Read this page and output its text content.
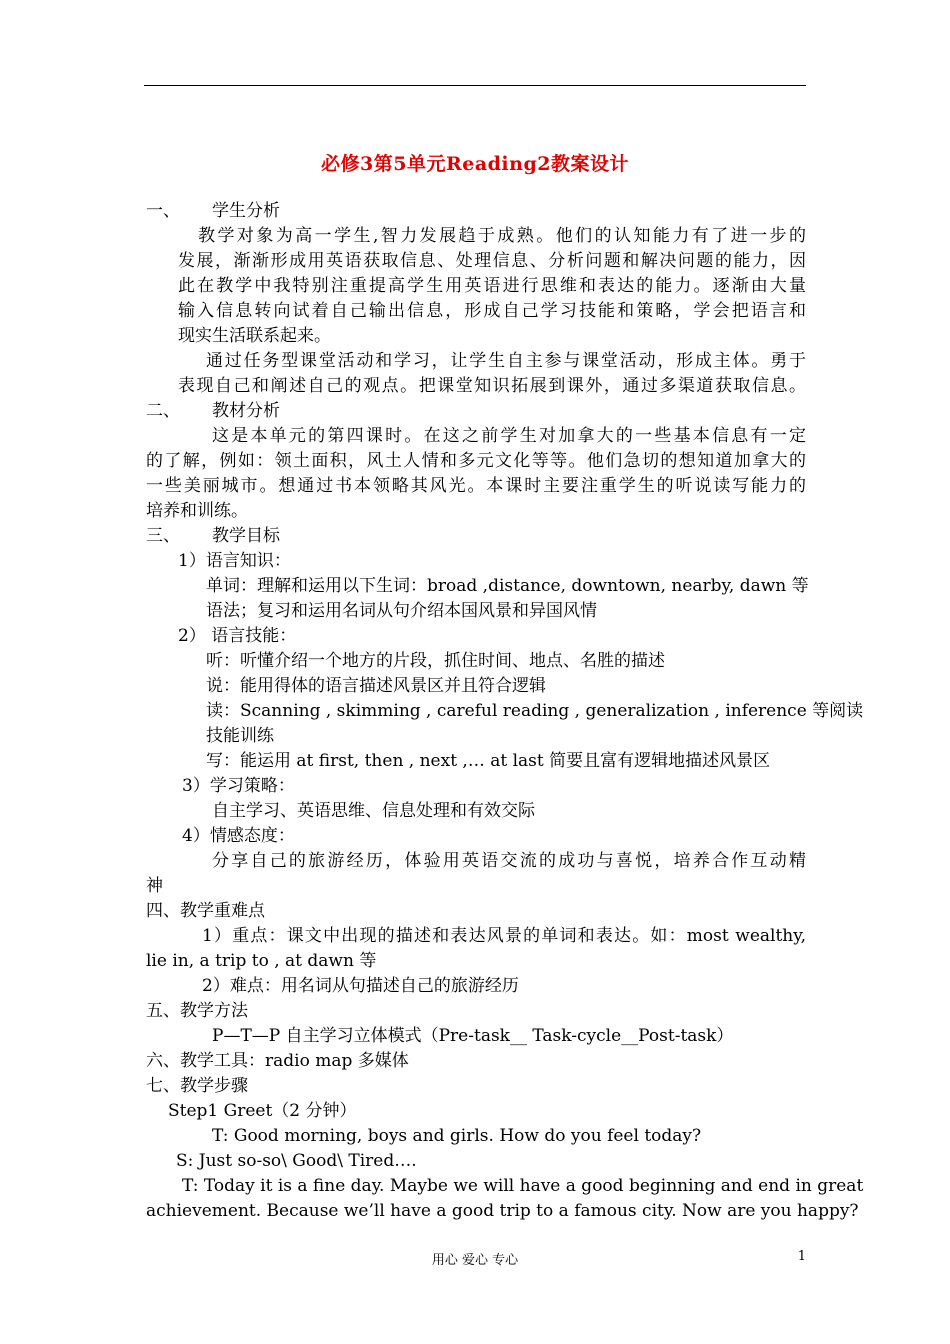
必修3第5单元Reading2教案设计
一、 学生分析
教学对象为高一学生,智力发展趋于成熟。他们的认知能力有了进一步的
发展，渐渐形成用英语获取信息、处理信息、分析问题和解决问题的能力，因
此在教学中我特别注重提高学生用英语进行思维和表达的能力。逐渐由大量
输入信息转向试着自己输出信息，形成自己学习技能和策略，学会把语言和
现实生活联系起来。
通过任务型课堂活动和学习，让学生自主参与课堂活动，形成主体。勇于
表现自己和阐述自己的观点。把课堂知识拓展到课外，通过多渠道获取信息。
二、 教材分析
这是本单元的第四课时。在这之前学生对加拿大的一些基本信息有一定
的了解，例如：领土面积，风土人情和多元文化等等。他们急切的想知道加拿大的
一些美丽城市。想通过书本领略其风光。本课时主要注重学生的听说读写能力的
培养和训练。
三、 教学目标
1）语言知识：
单词：理解和运用以下生词：broad ,distance, downtown, nearby, dawn 等
语法；复习和运用名词从句介绍本国风景和异国风情
2） 语言技能：
听：听懂介绍一个地方的片段，抓住时间、地点、名胜的描述
说：能用得体的语言描述风景区并且符合逻辑
读：Scanning , skimming , careful reading , generalization , inference 等阅读
技能训练
写：能运用 at first, then , next ,… at last 简要且富有逻辑地描述风景区
3）学习策略：
自主学习、英语思维、信息处理和有效交际
4）情感态度：
分享自己的旅游经历，体验用英语交流的成功与喜悦，培养合作互动精
神
四、教学重难点
1）重点：课文中出现的描述和表达风景的单词和表达。如：most wealthy,
lie in, a trip to , at dawn 等
2）难点：用名词从句描述自己的旅游经历
五、教学方法
P—T—P 自主学习立体模式（Pre-task__ Task-cycle__Post-task）
六、教学工具：radio map 多媒体
七、教学步骤
Step1 Greet（2 分钟）
T: Good morning, boys and girls. How do you feel today?
S: Just so-so\ Good\ Tired….
T: Today it is a fine day. Maybe we will have a good beginning and end in great
achievement. Because we’ll have a good trip to a famous city. Now are you happy?
用心 爱心 专心	1
